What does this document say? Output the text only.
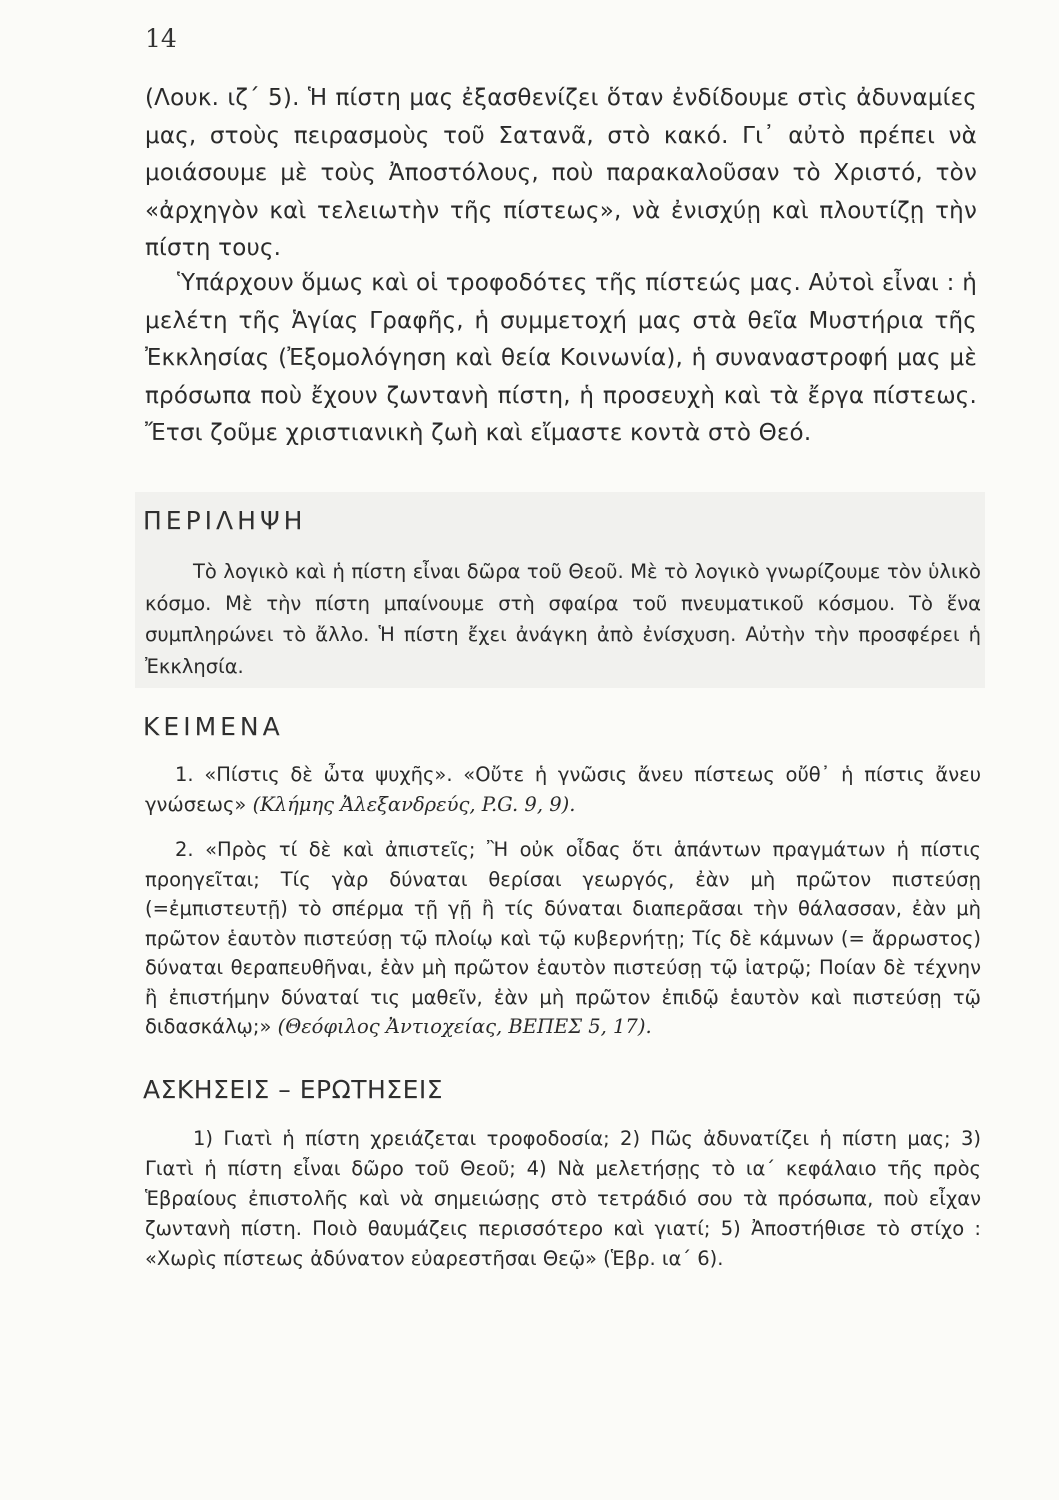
14

(Λουκ. ιζ΄ 5). Ἡ πίστη μας ἐξασθενίζει ὅταν ἐνδίδουμε στὶς ἀδυναμίες μας, στοὺς πειρασμοὺς τοῦ Σατανᾶ, στὸ κακό. Γι᾽ αὐτὸ πρέπει νὰ μοιάσουμε μὲ τοὺς Ἀποστόλους, ποὺ παρακαλοῦσαν τὸ Χριστό, τὸν «ἀρχηγὸν καὶ τελειωτὴν τῆς πίστεως», νὰ ἐνισχύῃ καὶ πλουτίζῃ τὴν πίστη τους.

Ὑπάρχουν ὅμως καὶ οἱ τροφοδότες τῆς πίστεώς μας. Αὐτοὶ εἶναι : ἡ μελέτη τῆς Ἁγίας Γραφῆς, ἡ συμμετοχή μας στὰ θεῖα Μυστήρια τῆς Ἐκκλησίας (Ἐξομολόγηση καὶ θεία Κοινωνία), ἡ συναναστροφή μας μὲ πρόσωπα ποὺ ἔχουν ζωντανὴ πίστη, ἡ προσευχὴ καὶ τὰ ἔργα πίστεως. Ἔτσι ζοῦμε χριστιανικὴ ζωὴ καὶ εἴμαστε κοντὰ στὸ Θεό.

ΠΕΡΙΛΗΨΗ

Τὸ λογικὸ καὶ ἡ πίστη εἶναι δῶρα τοῦ Θεοῦ. Μὲ τὸ λογικὸ γνωρίζουμε τὸν ὑλικὸ κόσμο. Μὲ τὴν πίστη μπαίνουμε στὴ σφαίρα τοῦ πνευματικοῦ κόσμου. Τὸ ἕνα συμπληρώνει τὸ ἄλλο. Ἡ πίστη ἔχει ἀνάγκη ἀπὸ ἐνίσχυση. Αὐτὴν τὴν προσφέρει ἡ Ἐκκλησία.

ΚΕΙΜΕΝΑ
1. «Πίστις δὲ ὦτα ψυχῆς». «Οὔτε ἡ γνῶσις ἄνευ πίστεως οὔθ᾽ ἡ πίστις ἄνευ γνώσεως» (Κλήμης Ἀλεξανδρεύς, P.G. 9, 9).
2. «Πρὸς τί δὲ καὶ ἀπιστεῖς; Ἢ οὐκ οἶδας ὅτι ἁπάντων πραγμάτων ἡ πίστις προηγεῖται; Τίς γὰρ δύναται θερίσαι γεωργός, ἐὰν μὴ πρῶτον πιστεύσῃ (=ἐμπιστευτῇ) τὸ σπέρμα τῇ γῇ ἢ τίς δύναται διαπερᾶσαι τὴν θάλασσαν, ἐὰν μὴ πρῶτον ἑαυτὸν πιστεύσῃ τῷ πλοίῳ καὶ τῷ κυβερνήτῃ; Τίς δὲ κάμνων (= ἄρρωστος) δύναται θεραπευθῆναι, ἐὰν μὴ πρῶτον ἑαυτὸν πιστεύσῃ τῷ ἰατρῷ; Ποίαν δὲ τέχνην ἢ ἐπιστήμην δύναταί τις μαθεῖν, ἐὰν μὴ πρῶτον ἐπιδῷ ἑαυτὸν καὶ πιστεύσῃ τῷ διδασκάλῳ;» (Θεόφιλος Ἀντιοχείας, ΒΕΠΕΣ 5, 17).
ΑΣΚΗΣΕΙΣ – ΕΡΩΤΗΣΕΙΣ

1) Γιατὶ ἡ πίστη χρειάζεται τροφοδοσία; 2) Πῶς ἀδυνατίζει ἡ πίστη μας; 3) Γιατὶ ἡ πίστη εἶναι δῶρο τοῦ Θεοῦ; 4) Νὰ μελετήσῃς τὸ ια΄ κεφάλαιο τῆς πρὸς Ἑβραίους ἐπιστολῆς καὶ νὰ σημειώσῃς στὸ τετράδιό σου τὰ πρόσωπα, ποὺ εἶχαν ζωντανὴ πίστη. Ποιὸ θαυμάζεις περισσότερο καὶ γιατί; 5) Ἀποστήθισε τὸ στίχο : «Χωρὶς πίστεως ἀδύνατον εὐαρεστῆσαι Θεῷ» (Ἑβρ. ια΄ 6).
